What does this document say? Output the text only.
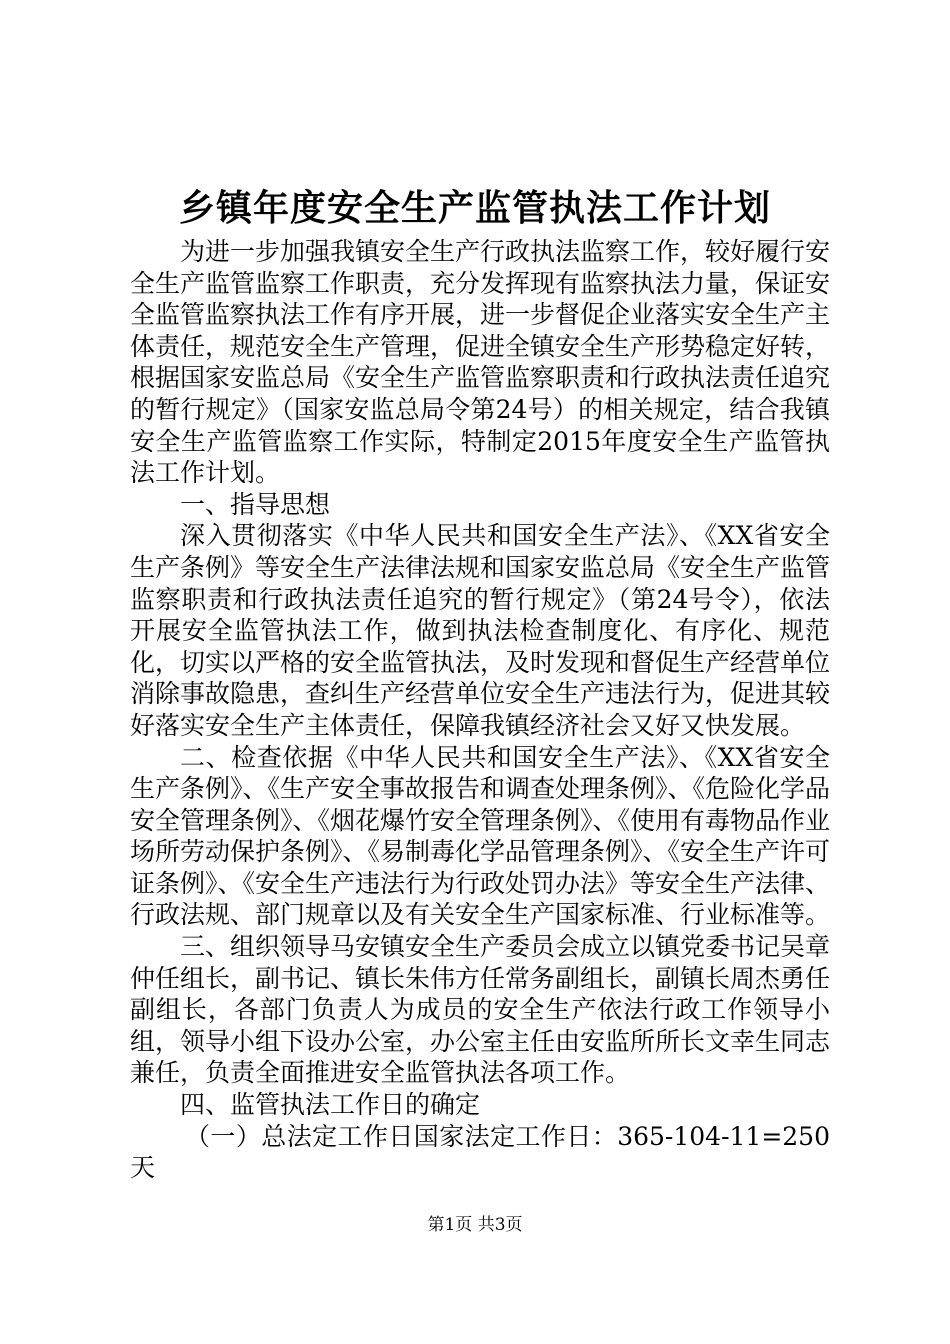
乡镇年度安全生产监管执法工作计划

为进一步加强我镇安全生产行政执法监察工作，较好履行安全生产监管监察工作职责，充分发挥现有监察执法力量，保证安全监管监察执法工作有序开展，进一步督促企业落实安全生产主体责任，规范安全生产管理，促进全镇安全生产形势稳定好转，根据国家安监总局《安全生产监管监察职责和行政执法责任追究的暂行规定》（国家安监总局令第24号）的相关规定，结合我镇安全生产监管监察工作实际，特制定2015年度安全生产监管执法工作计划。

一、指导思想

深入贯彻落实《中华人民共和国安全生产法》、《XX省安全生产条例》等安全生产法律法规和国家安监总局《安全生产监管监察职责和行政执法责任追究的暂行规定》（第24号令），依法开展安全监管执法工作，做到执法检查制度化、有序化、规范化，切实以严格的安全监管执法，及时发现和督促生产经营单位消除事故隐患，查纠生产经营单位安全生产违法行为，促进其较好落实安全生产主体责任，保障我镇经济社会又好又快发展。

二、检查依据《中华人民共和国安全生产法》、《XX省安全生产条例》、《生产安全事故报告和调查处理条例》、《危险化学品安全管理条例》、《烟花爆竹安全管理条例》、《使用有毒物品作业场所劳动保护条例》、《易制毒化学品管理条例》、《安全生产许可证条例》、《安全生产违法行为行政处罚办法》等安全生产法律、行政法规、部门规章以及有关安全生产国家标准、行业标准等。

三、组织领导马安镇安全生产委员会成立以镇党委书记吴章仲任组长，副书记、镇长朱伟方任常务副组长，副镇长周杰勇任副组长，各部门负责人为成员的安全生产依法行政工作领导小组，领导小组下设办公室，办公室主任由安监所所长文幸生同志兼任，负责全面推进安全监管执法各项工作。

四、监管执法工作日的确定

（一）总法定工作日国家法定工作日：365-104-11=250天

第1页 共3页
